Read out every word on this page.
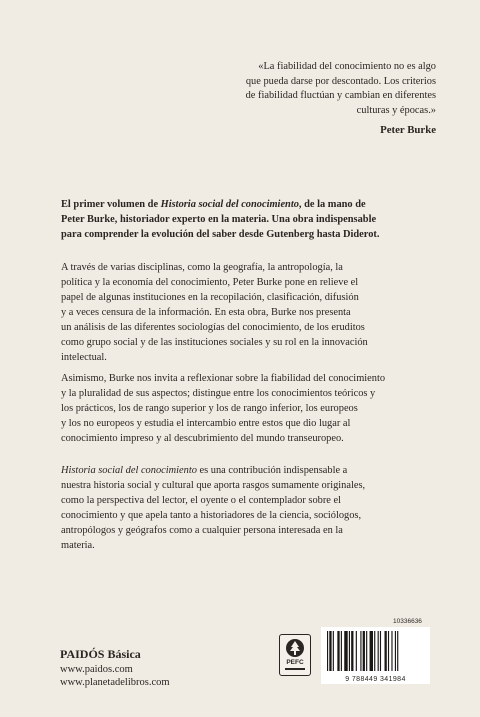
«La fiabilidad del conocimiento no es algo
que pueda darse por descontado. Los criterios
de fiabilidad fluctúan y cambian en diferentes
culturas y épocas.»
Peter Burke
El primer volumen de Historia social del conocimiento, de la mano de
Peter Burke, historiador experto en la materia. Una obra indispensable
para comprender la evolución del saber desde Gutenberg hasta Diderot.
A través de varias disciplinas, como la geografía, la antropología, la
política y la economía del conocimiento, Peter Burke pone en relieve el
papel de algunas instituciones en la recopilación, clasificación, difusión
y a veces censura de la información. En esta obra, Burke nos presenta
un análisis de las diferentes sociologías del conocimiento, de los eruditos
como grupo social y de las instituciones sociales y su rol en la innovación
intelectual.
Asimismo, Burke nos invita a reflexionar sobre la fiabilidad del conocimiento
y la pluralidad de sus aspectos; distingue entre los conocimientos teóricos y
los prácticos, los de rango superior y los de rango inferior, los europeos
y los no europeos y estudia el intercambio entre estos que dio lugar al
conocimiento impreso y al descubrimiento del mundo transeuropeo.
Historia social del conocimiento es una contribución indispensable a
nuestra historia social y cultural que aporta rasgos sumamente originales,
como la perspectiva del lector, el oyente o el contemplador sobre el
conocimiento y que apela tanto a historiadores de la ciencia, sociólogos,
antropólogos y geógrafos como a cualquier persona interesada en la
materia.
PAIDÓS Básica
www.paidos.com
www.planetadelibros.com
PEFC
10336636
9 788449 341984
